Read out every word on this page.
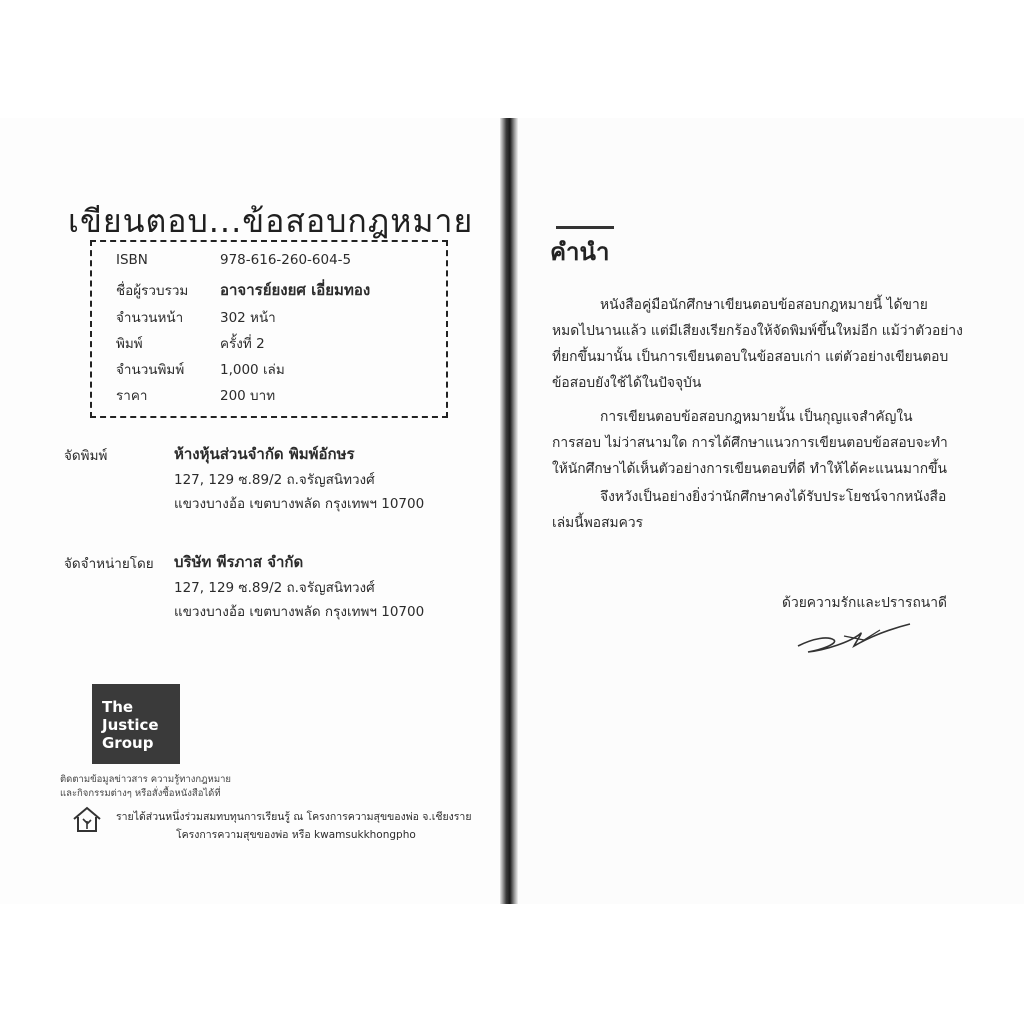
เขียนตอบ...ข้อสอบกฎหมาย
ISBN	978-616-260-604-5
ชื่อผู้รวบรวม อาจารย์ยงยศ เอี่ยมทอง
จำนวนหน้า	302 หน้า
พิมพ์	ครั้งที่ 2
จำนวนพิมพ์	1,000 เล่ม
ราคา	200 บาท
จัดพิมพ์	ห้างหุ้นส่วนจำกัด พิมพ์อักษร
127, 129 ซ.89/2 ถ.จรัญสนิทวงศ์
แขวงบางอ้อ เขตบางพลัด กรุงเทพฯ 10700
จัดจำหน่ายโดย บริษัท พีรภาส จำกัด
127, 129 ซ.89/2 ถ.จรัญสนิทวงศ์
แขวงบางอ้อ เขตบางพลัด กรุงเทพฯ 10700
The
Justice
Group
ติดตามข้อมูลข่าวสาร ความรู้ทางกฎหมาย
และกิจกรรมต่างๆ หรือสั่งซื้อหนังสือได้ที่
รายได้ส่วนหนึ่งร่วมสมทบทุนการเรียนรู้ ณ โครงการความสุขของพ่อ จ.เชียงราย
โครงการความสุขของพ่อ หรือ kwamsukkhongpho
คำนำ
หนังสือคู่มือนักศึกษาเขียนตอบข้อสอบกฎหมายนี้ ได้ขาย
หมดไปนานแล้ว แต่มีเสียงเรียกร้องให้จัดพิมพ์ขึ้นใหม่อีก แม้ว่าตัวอย่าง
ที่ยกขึ้นมานั้น เป็นการเขียนตอบในข้อสอบเก่า แต่ตัวอย่างเขียนตอบ
ข้อสอบยังใช้ได้ในปัจจุบัน
การเขียนตอบข้อสอบกฎหมายนั้น เป็นกุญแจสำคัญใน
การสอบ ไม่ว่าสนามใด การได้ศึกษาแนวการเขียนตอบข้อสอบจะทำ
ให้นักศึกษาได้เห็นตัวอย่างการเขียนตอบที่ดี ทำให้ได้คะแนนมากขึ้น
จึงหวังเป็นอย่างยิ่งว่านักศึกษาคงได้รับประโยชน์จากหนังสือ
เล่มนี้พอสมควร
ด้วยความรักและปรารถนาดี
